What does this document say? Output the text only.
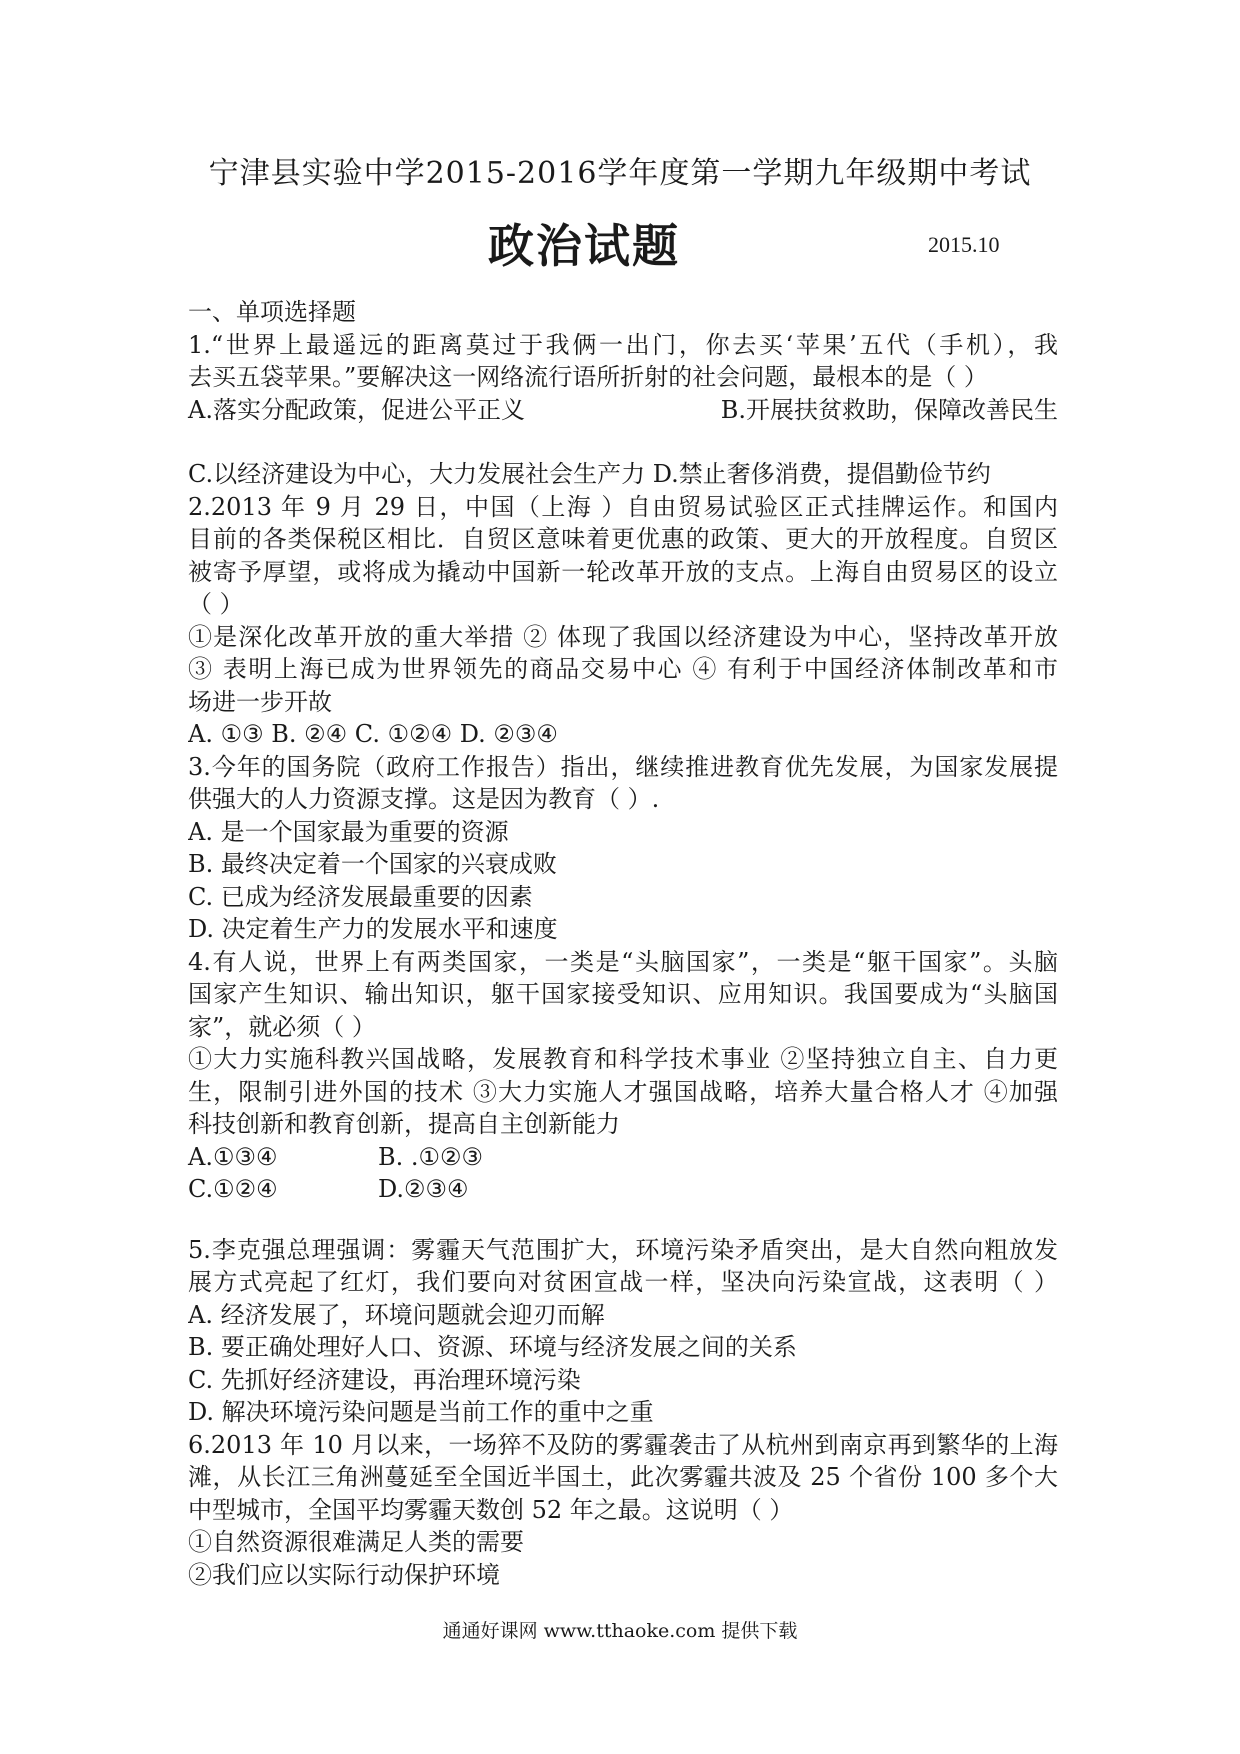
宁津县实验中学2015-2016学年度第一学期九年级期中考试
政治试题	2015.10
一、单项选择题
1.“世界上最遥远的距离莫过于我俩一出门，你去买‘苹果’五代（手机），我
去买五袋苹果。”要解决这一网络流行语所折射的社会问题，最根本的是（ ）
A.落实分配政策，促进公平正义	B.开展扶贫救助，保障改善民生
C.以经济建设为中心，大力发展社会生产力 D.禁止奢侈消费，提倡勤俭节约
2.2013 年 9 月 29 日，中国（上海 ）自由贸易试验区正式挂牌运作。和国内
目前的各类保税区相比．自贸区意味着更优惠的政策、更大的开放程度。自贸区
被寄予厚望，或将成为撬动中国新一轮改革开放的支点。上海自由贸易区的设立
（ ）
①是深化改革开放的重大举措 ② 体现了我国以经济建设为中心，坚持改革开放
③ 表明上海已成为世界领先的商品交易中心 ④ 有利于中国经济体制改革和市
场进一步开故
A. ①③ B. ②④ C. ①②④ D. ②③④
3.今年的国务院（政府工作报告）指出，继续推进教育优先发展，为国家发展提
供强大的人力资源支撑。这是因为教育（ ）.
A. 是一个国家最为重要的资源
B. 最终决定着一个国家的兴衰成败
C. 已成为经济发展最重要的因素
D. 决定着生产力的发展水平和速度
4.有人说，世界上有两类国家，一类是“头脑国家”，一类是“躯干国家”。头脑
国家产生知识、输出知识，躯干国家接受知识、应用知识。我国要成为“头脑国
家”，就必须（ ）
①大力实施科教兴国战略，发展教育和科学技术事业 ②坚持独立自主、自力更
生，限制引进外国的技术 ③大力实施人才强国战略，培养大量合格人才 ④加强
科技创新和教育创新，提高自主创新能力
A.①③④	B. .①②③
C.①②④	D.②③④
5.李克强总理强调：雾霾天气范围扩大，环境污染矛盾突出，是大自然向粗放发
展方式亮起了红灯，我们要向对贫困宣战一样，坚决向污染宣战，这表明（ ）
A. 经济发展了，环境问题就会迎刃而解
B. 要正确处理好人口、资源、环境与经济发展之间的关系
C. 先抓好经济建设，再治理环境污染
D. 解决环境污染问题是当前工作的重中之重
6.2013 年 10 月以来，一场猝不及防的雾霾袭击了从杭州到南京再到繁华的上海
滩，从长江三角洲蔓延至全国近半国土，此次雾霾共波及 25 个省份 100 多个大
中型城市，全国平均雾霾天数创 52 年之最。这说明（ ）
①自然资源很难满足人类的需要
②我们应以实际行动保护环境
通通好课网 www.tthaoke.com 提供下载
